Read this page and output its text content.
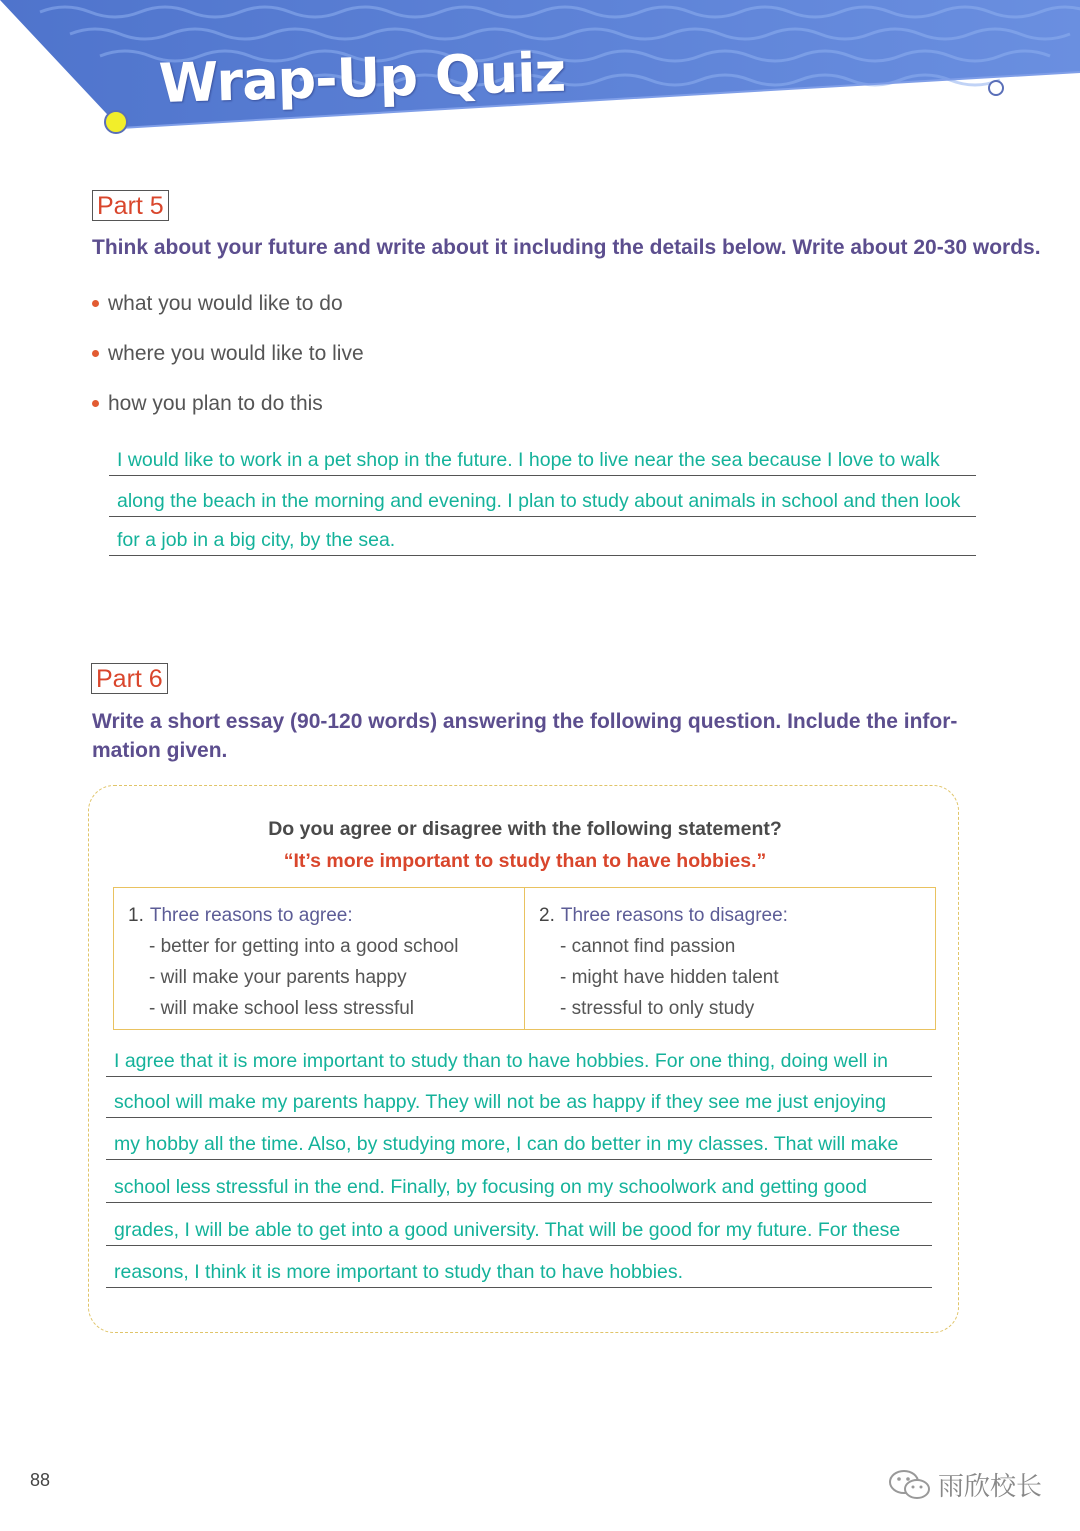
Wrap-Up Quiz
Part 5
Think about your future and write about it including the details below. Write about 20-30 words.
what you would like to do
where you would like to live
how you plan to do this
I would like to work in a pet shop in the future. I hope to live near the sea because I love to walk
along the beach in the morning and evening. I plan to study about animals in school and then look
for a job in a big city, by the sea.
Part 6
Write a short essay (90-120 words) answering the following question. Include the infor-
mation given.
Do you agree or disagree with the following statement?
“It’s more important to study than to have hobbies.”
1. Three reasons to agree:
- better for getting into a good school
- will make your parents happy
- will make school less stressful
2. Three reasons to disagree:
- cannot find passion
- might have hidden talent
- stressful to only study
I agree that it is more important to study than to have hobbies. For one thing, doing well in
school will make my parents happy. They will not be as happy if they see me just enjoying
my hobby all the time. Also, by studying more, I can do better in my classes. That will make
school less stressful in the end. Finally, by focusing on my schoolwork and getting good
grades, I will be able to get into a good university. That will be good for my future. For these
reasons, I think it is more important to study than to have hobbies.
88	雨欣校长
